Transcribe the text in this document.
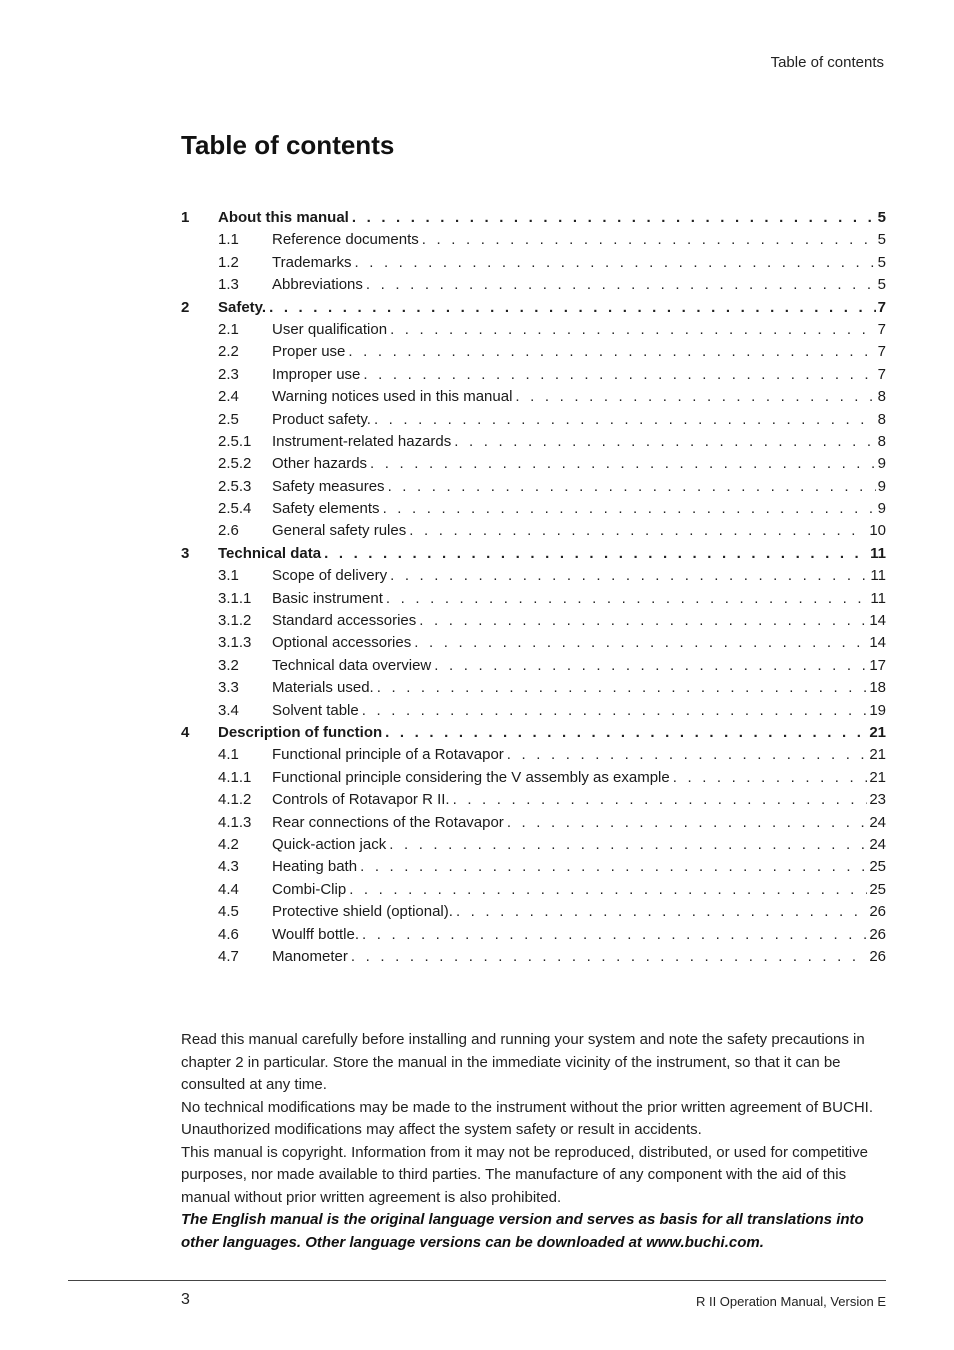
Table of contents
Table of contents
1	About this manual . . .	5
1.1	Reference documents . . .	5
1.2	Trademarks . . .	5
1.3	Abbreviations . . .	5
2	Safety. . . .	7
2.1	User qualification . . .	7
2.2	Proper use . . .	7
2.3	Improper use . . .	7
2.4	Warning notices used in this manual . . .	8
2.5	Product safety. . . .	8
2.5.1	Instrument-related hazards . . .	8
2.5.2	Other hazards . . .	9
2.5.3	Safety measures . . .	9
2.5.4	Safety elements . . .	9
2.6	General safety rules . . .	10
3	Technical data . . .	11
3.1	Scope of delivery . . .	11
3.1.1	Basic instrument . . .	11
3.1.2	Standard accessories . . .	14
3.1.3	Optional accessories . . .	14
3.2	Technical data overview . . .	17
3.3	Materials used. . . .	18
3.4	Solvent table . . .	19
4	Description of function . . .	21
4.1	Functional principle of a Rotavapor . . .	21
4.1.1	Functional principle considering the V assembly as example . . .	21
4.1.2	Controls of Rotavapor R II. . . .	23
4.1.3	Rear connections of the Rotavapor . . .	24
4.2	Quick-action jack . . .	24
4.3	Heating bath . . .	25
4.4	Combi-Clip . . .	25
4.5	Protective shield (optional). . . .	26
4.6	Woulff bottle. . . .	26
4.7	Manometer . . .	26

Read this manual carefully before installing and running your system and note the safety precautions in chapter 2 in particular. Store the manual in the immediate vicinity of the instrument, so that it can be consulted at any time.

No technical modifications may be made to the instrument without the prior written agreement of BUCHI. Unauthorized modifications may affect the system safety or result in accidents.

This manual is copyright. Information from it may not be reproduced, distributed, or used for competitive purposes, nor made available to third parties. The manufacture of any component with the aid of this manual without prior written agreement is also prohibited.

The English manual is the original language version and serves as basis for all translations into other languages. Other language versions can be downloaded at www.buchi.com.

3	R II Operation Manual, Version E
